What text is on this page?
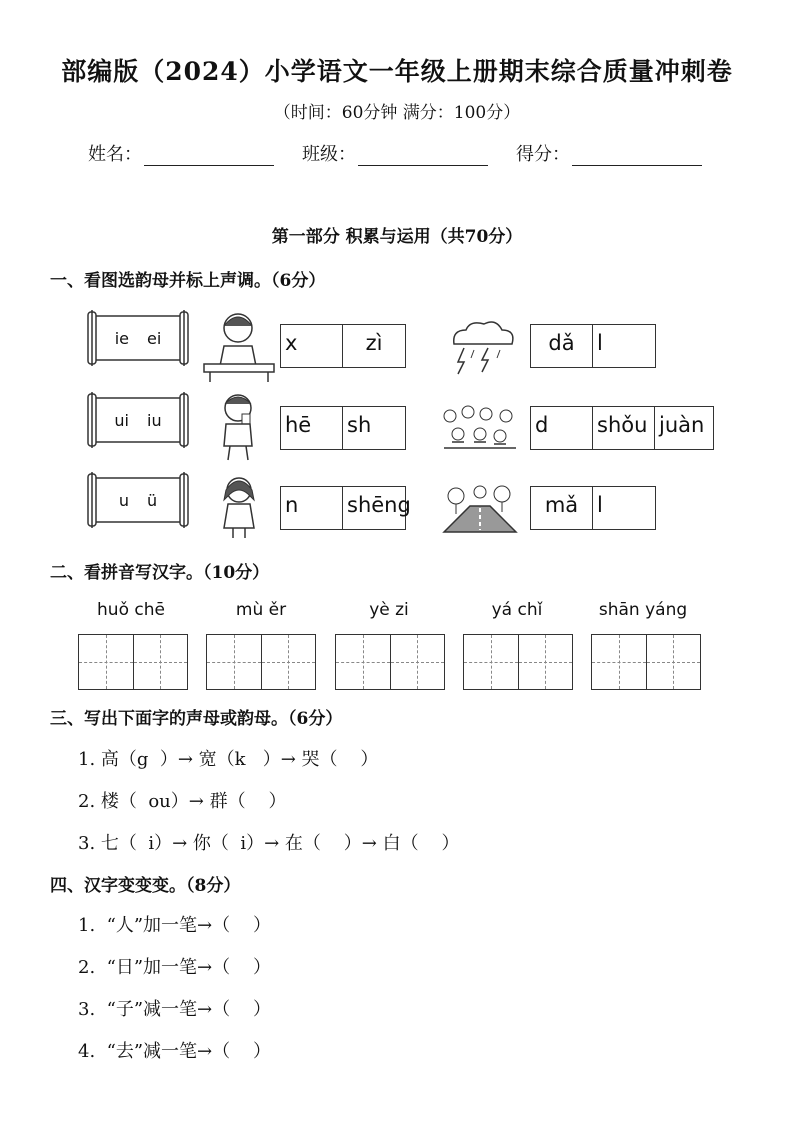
部编版（2024）小学语文一年级上册期末综合质量冲刺卷
（时间：60分钟 满分：100分）
姓名：	班级：	得分：
第一部分 积累与运用（共70分）
一、看图选韵母并标上声调。（6分）
ie ei	x	zì	dǎ	l
ui iu	hē	sh	d	shǒu juàn
u ü	n	shēng	mǎ l
二、看拼音写汉字。（10分）
huǒ chē	mù ěr	yè zi	yá chǐ	shān yáng
三、写出下面字的声母或韵母。（6分）
1. 高（g  ）→ 宽（k   ）→ 哭（    ）
2. 楼（  ou）→ 群（    ）
3. 七（  i）→ 你（  i）→ 在（    ）→ 白（    ）
四、汉字变变变。（8分）
1.  “人”加一笔→（    ）
2.  “日”加一笔→（    ）
3.  “子”减一笔→（    ）
4.  “去”减一笔→（    ）
